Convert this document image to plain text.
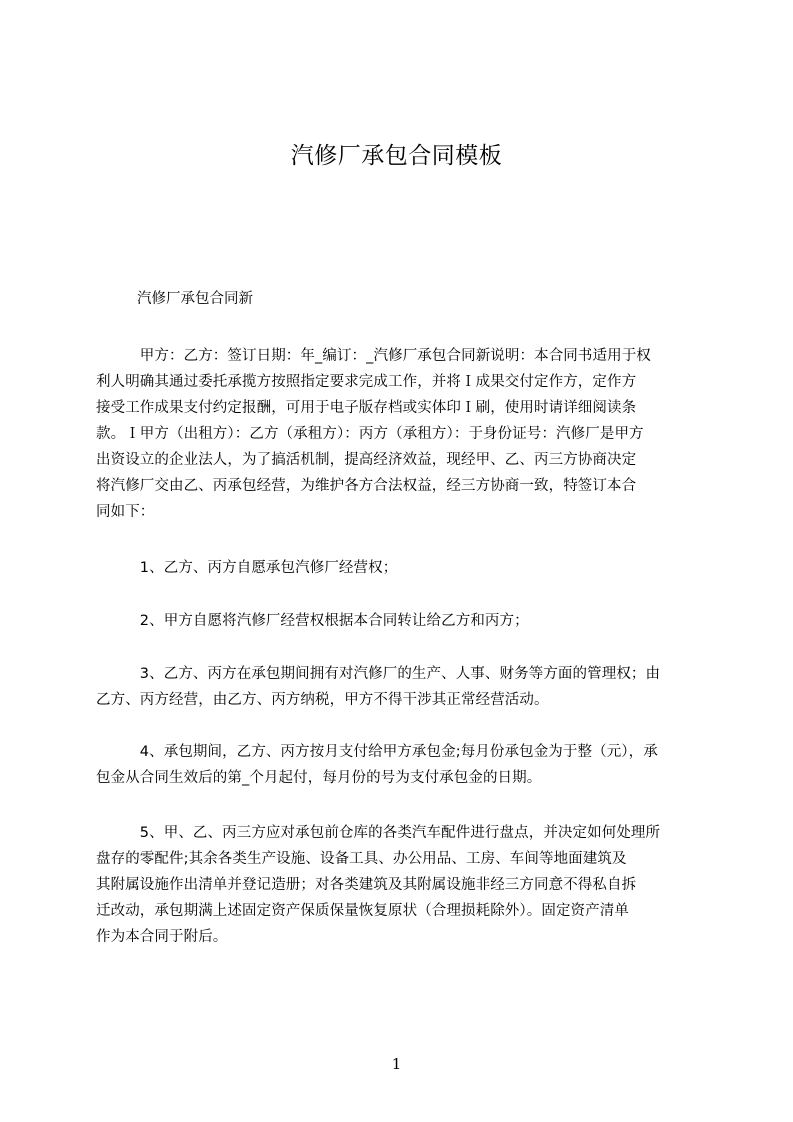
汽修厂承包合同模板
汽修厂承包合同新
　　　甲方：乙方：签订日期：年_编订：_汽修厂承包合同新说明：本合同书适用于权
利人明确其通过委托承揽方按照指定要求完成工作，并将Ｉ成果交付定作方，定作方
接受工作成果支付约定报酬，可用于电子版存档或实体印Ｉ刷，使用时请详细阅读条
款。Ｉ甲方（出租方）：乙方（承租方）：丙方（承租方）：于身份证号：汽修厂是甲方
出资设立的企业法人，为了搞活机制，提高经济效益，现经甲、乙、丙三方协商决定
将汽修厂交由乙、丙承包经营，为维护各方合法权益，经三方协商一致，特签订本合
同如下：
　　　1、乙方、丙方自愿承包汽修厂经营权；
　　　2、甲方自愿将汽修厂经营权根据本合同转让给乙方和丙方；
　　　3、乙方、丙方在承包期间拥有对汽修厂的生产、人事、财务等方面的管理权；由
乙方、丙方经营，由乙方、丙方纳税，甲方不得干涉其正常经营活动。
　　　4、承包期间，乙方、丙方按月支付给甲方承包金;每月份承包金为于整（元），承
包金从合同生效后的第_个月起付，每月份的号为支付承包金的日期。
　　　5、甲、乙、丙三方应对承包前仓库的各类汽车配件进行盘点，并决定如何处理所
盘存的零配件;其余各类生产设施、设备工具、办公用品、工房、车间等地面建筑及
其附属设施作出清单并登记造册；对各类建筑及其附属设施非经三方同意不得私自拆
迁改动，承包期满上述固定资产保质保量恢复原状（合理损耗除外）。固定资产清单
作为本合同于附后。
1
